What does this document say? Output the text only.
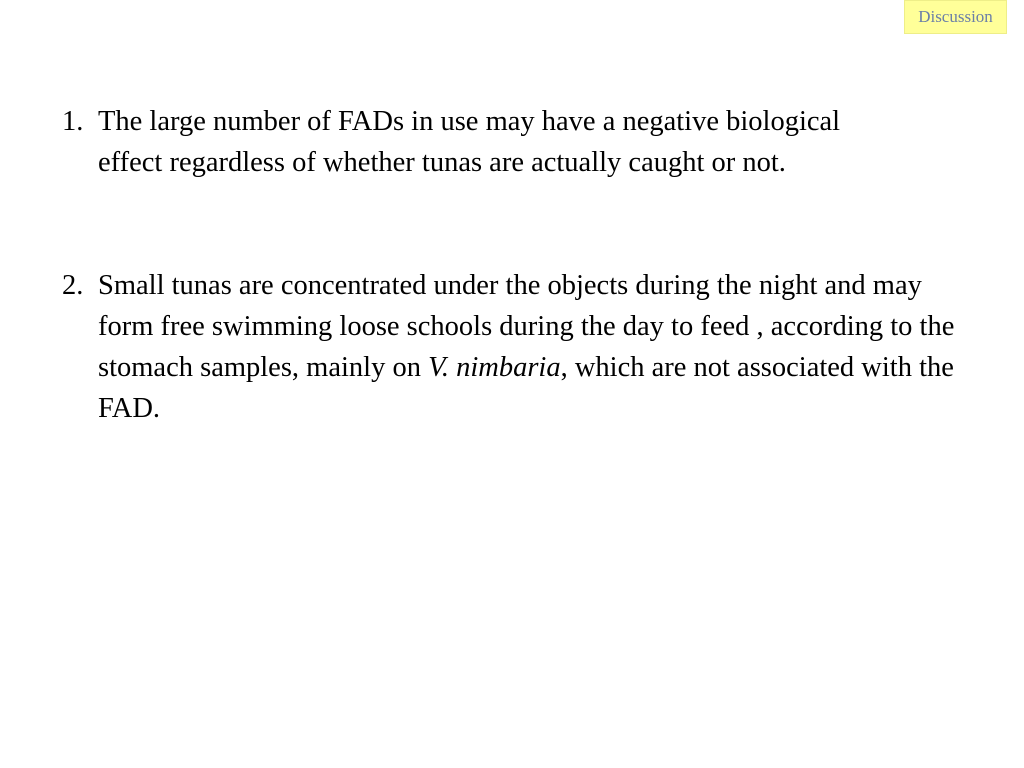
Discussion
1. The large number of FADs in use may have a negative biological effect regardless of whether tunas are actually caught or not.
2. Small tunas are concentrated under the objects during the night and may form free swimming loose schools during the day to feed , according to the stomach samples, mainly on V. nimbaria, which are not associated with the FAD.
